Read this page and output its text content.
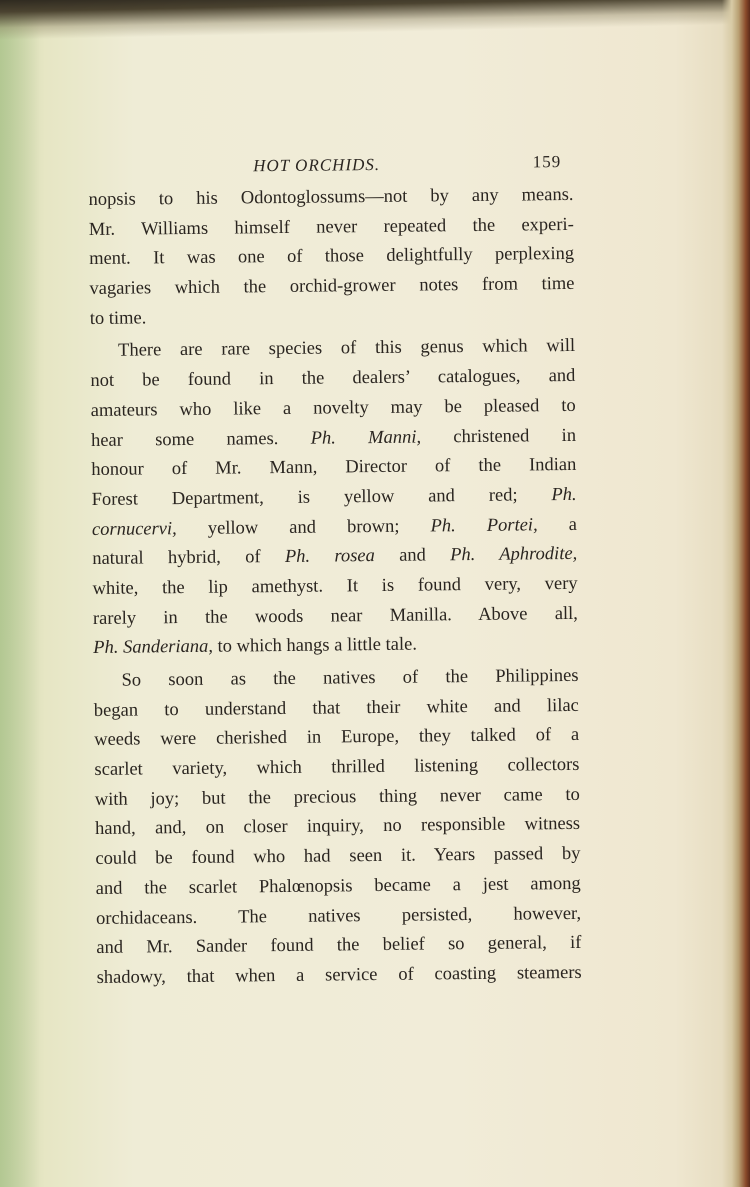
HOT ORCHIDS.	159
nopsis to his Odontoglossums—not by any means.
Mr. Williams himself never repeated the experi-
ment. It was one of those delightfully perplexing
vagaries which the orchid-grower notes from time
to time.
There are rare species of this genus which will
not be found in the dealers’ catalogues, and
amateurs who like a novelty may be pleased to
hear some names. Ph. Manni, christened in
honour of Mr. Mann, Director of the Indian
Forest Department, is yellow and red; Ph.
cornucervi, yellow and brown; Ph. Portei, a
natural hybrid, of Ph. rosea and Ph. Aphrodite,
white, the lip amethyst. It is found very, very
rarely in the woods near Manilla. Above all,
Ph. Sanderiana, to which hangs a little tale.
So soon as the natives of the Philippines
began to understand that their white and lilac
weeds were cherished in Europe, they talked of a
scarlet variety, which thrilled listening collectors
with joy; but the precious thing never came to
hand, and, on closer inquiry, no responsible witness
could be found who had seen it. Years passed by
and the scarlet Phalœnopsis became a jest among
orchidaceans. The natives persisted, however,
and Mr. Sander found the belief so general, if
shadowy, that when a service of coasting steamers
